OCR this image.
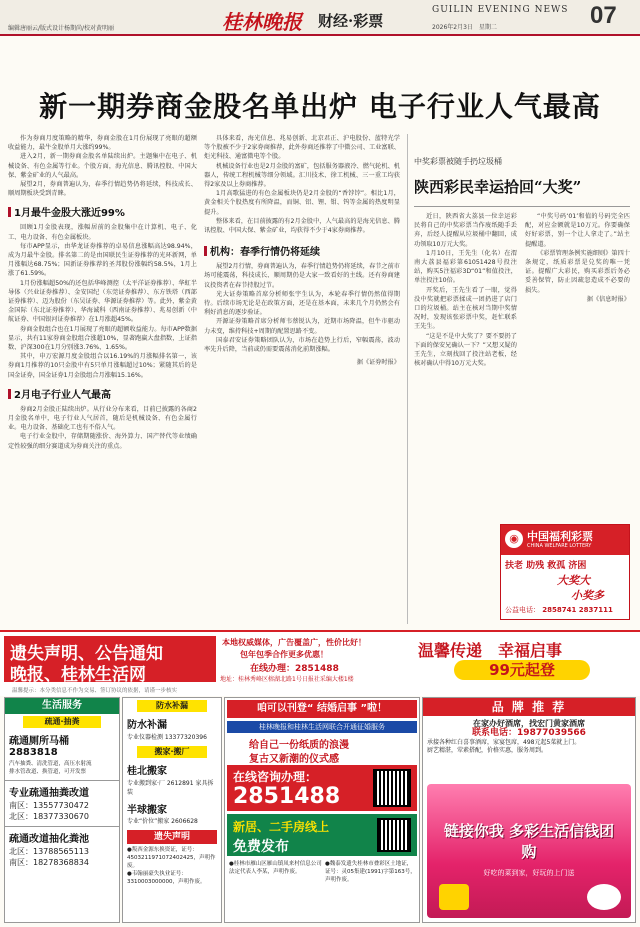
编辑唐丽云/版式设计杨期尚/校对黄明丽	桂林晚报 财经·彩票
GUILIN EVENING NEWS
2026年2月3日　星期二	07
新一期券商金股名单出炉 电子行业人气最高

作为券商月度策略的精华，券商金股在1月份展现了亮眼的超额收益能力，最牛金股单月大涨约99%。

进入2月，新一期券商金股名单陆续出炉。主题集中在电子、机械设备、有色金属等行业。个股方面，海光信息、腾讯控股、中国大保、紫金矿业的人气最高。

展望2月，券商普遍认为，春季行情趋势仍将延续，科技成长、顺周期板块受到青睐。

1月最牛金股大涨近99%

回顾1月金股表现，涨幅居前的金股集中在计算机、电子、化工、电力设备、有色金属板块。

每市APP显示，由华龙证券推荐的卓易信息涨幅高达98.94%，成为月最牛金股。排名第二的是由国联民生证券推荐的光环新网，单月涨幅达68.75%；国新证券推荐的圣邦股份涨幅约58.5%，1月上涨了61.59%。

1月份涨幅超50%的还包括华峰测控（太平洋证券推荐）、华虹半导体（兴业证券推荐）、金安国纪（东莞证券推荐）、东方铁塔（西部证券推荐）、迈为股份（东吴证券、华源证券推荐）等。此外，紫金黄金国际（东北证券推荐）、华海诚科（西南证券推荐）、兆易创新（中航证券、中国银河证券推荐）在1月涨超45%。

券商金股组合也在1月展现了亮眼的超额收益能力。每市APP数据显示，共有11家券商金股组合涨超10%，显著跑赢大盘指数，上证指数、沪深300在1月分别涨3.76%、1.65%。

其中，申万宏源月度金股组合以16.19%的月涨幅排名第一，该券商1月推荐的10只金股中有5只单月涨幅超过10%；紧随其后的是国金证券，国金证券1月金股组合月涨幅15.16%。

2月电子行业人气最高

券商2月金股正陆续出炉。从行业分布来看，目前已披露的各商2月金股名单中，电子行业人气居首，随后是机械设备、有色金属行业。电力设备、基础化工也有不俗人气。

电子行业金股中，存储期随涨价、海外算力、国产替代等业绩确定性较强的细分赛道成为券商关注的重点。

具体来看，海光信息、兆易创新、北京君正、沪电股份、蓝特光学等个股被不少于2家券商推荐，此外券商还推荐了中微公司、工业富联、炬光科技、通富微电等个股。

机械设备行业也是2月金股的富矿，包括服务器液冷、燃气轮机、机器人，传统工程机械等细分领域。汇川技术、徐工机械、三一重工均获得2家及以上券商推荐。

1月高歌猛进的有色金属板块仍是2月金股的“香饽饽”。相比1月，黄金相关个股热度有所降温，而铜、铝、锂、钼、钨等金属的热度明显提升。

整体来看，在目前披露的有2月金股中，人气最高的是海光信息、腾讯控股、中国大保、紫金矿业，均获得不少于4家券商推荐。

机构：春季行情仍将延续

展望2月行情，券商普遍认为，春季行情趋势仍将延续，春节之前市场可能震荡，科技成长、顺周期仍是大家一致看好的主线。还有券商建议投资者在春节持股过节。

光大证券策略首席分析师张宇生认为，本轮春季行情仍然值得期待。后续市场无论是在政策方面，还是在基本面，未来几个月仍然会有利好消息的逐步验证。

开源证券策略首席分析师韦蔡锐认为，近期市场降温，但牛市驱动力未变，维持科技+周期的配置思路不变。

国泰君安证券策略团队认为，市场在趋势上行后，窄幅震荡，波动率先升后降，当前或仍需要震荡消化前期涨幅。

据《证券时报》
中奖彩票被随手扔垃圾桶
陕西彩民幸运拾回“大奖”

近日，陕西省大荔县一位幸运彩民将自己的中奖彩票当作废纸随手丢弃，后经人提醒从垃圾桶中翻回，成功领取10万元大奖。

1月10日，王先生（化名）在渭南大荔县福彩第61051428号投注站，购买5注福彩3D“01”和值投注，单注投注10倍。

开奖后，王先生看了一眼，觉得没中奖就把彩票揉成一团扔进了店门口的垃圾桶。站主在核对当期中奖情况时，发现该张彩票中奖，赶忙联系王先生。

“这是不是中大奖了？要不要扔了下面的保安兄确认一下？”又想又疑的王先生，立刻找回了投注站老板，经核对确认中得10万元大奖。

“中奖号码‘01’和值的号码完全匹配，对应金额就是10万元。你要确保好好彩票，别一个让人拿走了。”站主提醒道。

《彩票管理条例实施细则》第四十条规定，纸质彩票是兑奖的唯一凭证。提醒广大彩民，购买彩票后务必妥善保管，防止因疏忽造成不必要的损失。

据《信息时报》
◉ 中国福利彩票
CHINA WELFARE LOTTERY
扶老 助残 救孤 济困
大奖大
小奖多
公益电话： 2858741 2837111
遗失声明、公告通知
晚报、桂林生活网
本地权威媒体，广告覆盖广，性价比好！
包年包季合作更多优惠！
在线办理：2851488
地址：桂林秀峰区榕湖北路1号日报社采编大楼1楼
温馨传递　幸福启事
99元起登
温馨提示：本分类信息不作为交易、签订协议的依据，请谨一步核实
生活服务
疏通·抽粪
疏通厕所马桶2883818
汽车抽粪、清洗管道，高压水射流
排水管改道、换管道，可开发票
专业疏通抽粪改道
南区：13557730472
北区：18377330670
疏通改道抽化粪池
北区：13788565113
南区：18278368834
防水补漏
防水补漏
专业仪器检测 13377320396
搬家·搬厂
桂北搬家
专业搬到家·厂 2612891 家具拆装
半球搬家
专业“价位”搬家 2606628
遗失声明
●叛西金源东换资证，证号：4503211971072402425，声明作废。
●韦翰丽豪失执业证号：3310003000000，声明作废。
咱可以刊登“ 结婚启事 ”啦！
桂林晚报和桂林生活网联合开通征婚服务
给自己一份纸质的浪漫
复古又新潮的仪式感
在线咨询办理：
2851488
新居、二手房线上
免费发布
●桂林市雁山区雁山镇凤来村信息公司法定代表人李某，声明作废。
●魏泰发遗失桂林市叠彩区土地证，证号：灵05集建(1991)字第163号，声明作废。
品 牌 推 荐
在家办好酒席，找宏门黄家酒席
联系电话：19877039566
承接各种红白喜事酒席，家宴包席，498元起5菜就上门。
厨艺精湛，荤素搭配，价格实惠，服务周到。
链接你我 多彩生活信钱团购
好吃的菜到家，好玩的上门送
